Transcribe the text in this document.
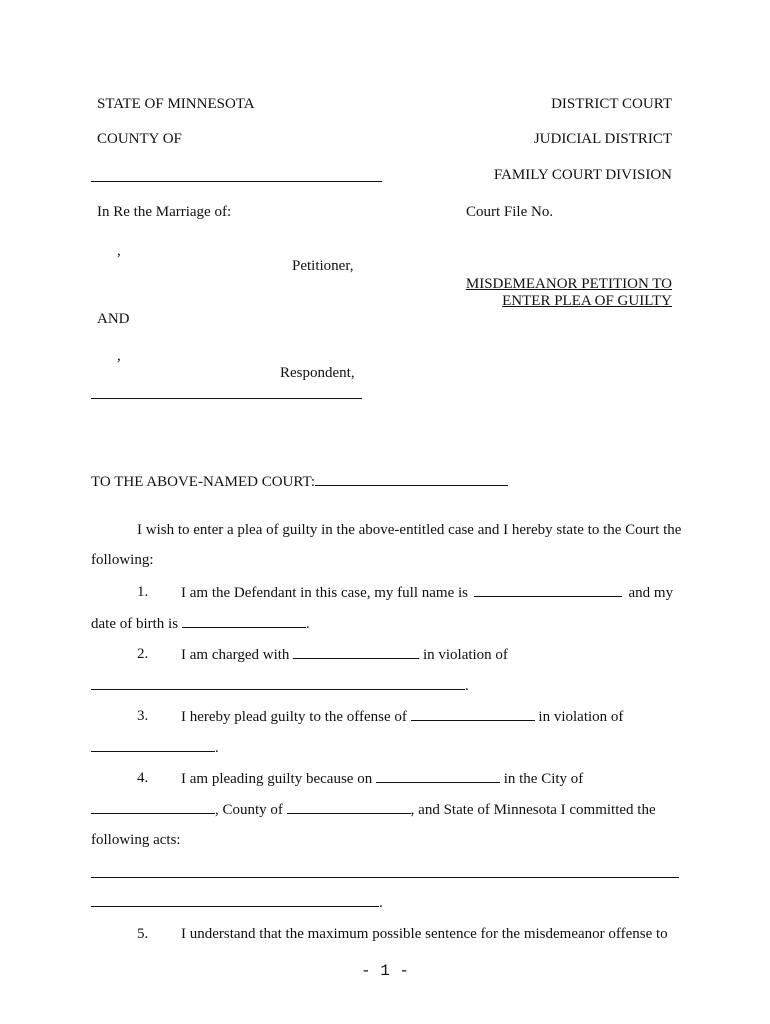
STATE OF MINNESOTA	DISTRICT COURT
COUNTY OF	JUDICIAL DISTRICT
FAMILY COURT DIVISION
In Re the Marriage of:	Court File No.
,
Petitioner,
MISDEMEANOR PETITION TO
ENTER PLEA OF GUILTY
AND
,
Respondent,
TO THE ABOVE-NAMED COURT:
I wish to enter a plea of guilty in the above-entitled case and I hereby state to the Court the
following:
1. I am the Defendant in this case, my full name is	and my
date of birth is	.
2. I am charged with	in violation of
.
3. I hereby plead guilty to the offense of	in violation of
.
4. I am pleading guilty because on	in the City of
, County of	, and State of Minnesota I committed the
following acts:
.
5. I understand that the maximum possible sentence for the misdemeanor offense to
- 1 -
